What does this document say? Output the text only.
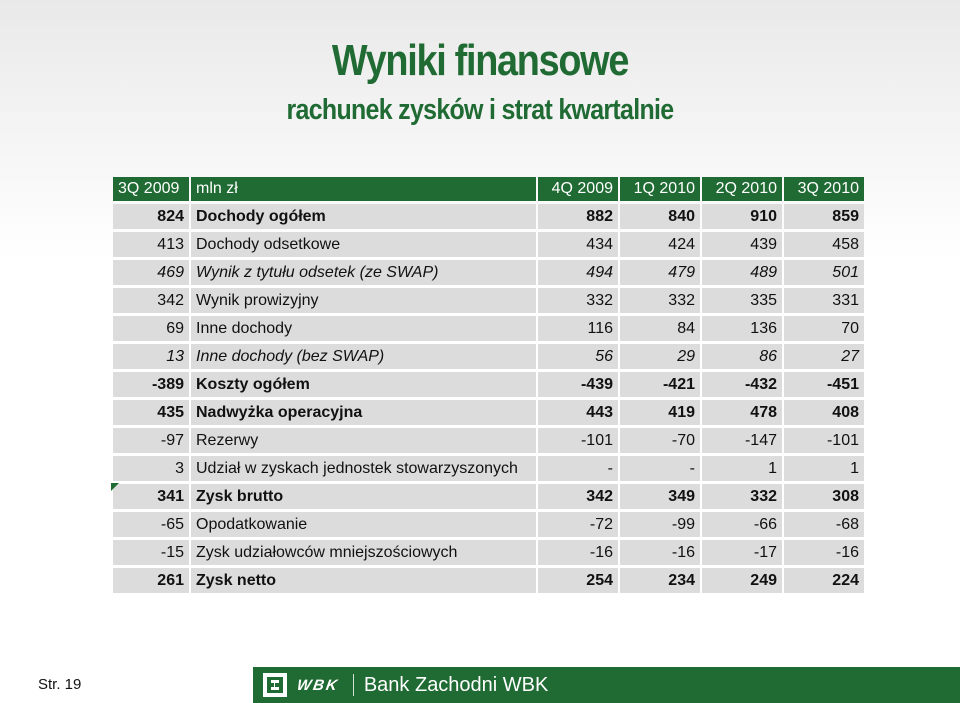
Wyniki finansowe
rachunek zysków i strat kwartalnie
3Q 2009	mln zł	4Q 2009	1Q 2010	2Q 2010	3Q 2010
824	Dochody ogółem	882	840	910	859
413	Dochody odsetkowe	434	424	439	458
469	Wynik z tytułu odsetek (ze SWAP)	494	479	489	501
342	Wynik prowizyjny	332	332	335	331
69	Inne dochody	116	84	136	70
13	Inne dochody (bez SWAP)	56	29	86	27
-389	Koszty ogółem	-439	-421	-432	-451
435	Nadwyżka operacyjna	443	419	478	408
-97	Rezerwy	-101	-70	-147	-101
3	Udział w zyskach jednostek stowarzyszonych	-	-	1	1
341	Zysk brutto	342	349	332	308
-65	Opodatkowanie	-72	-99	-66	-68
-15	Zysk udziałowców mniejszościowych	-16	-16	-17	-16
261	Zysk netto	254	234	249	224
Str. 19	WBK Bank Zachodni WBK
